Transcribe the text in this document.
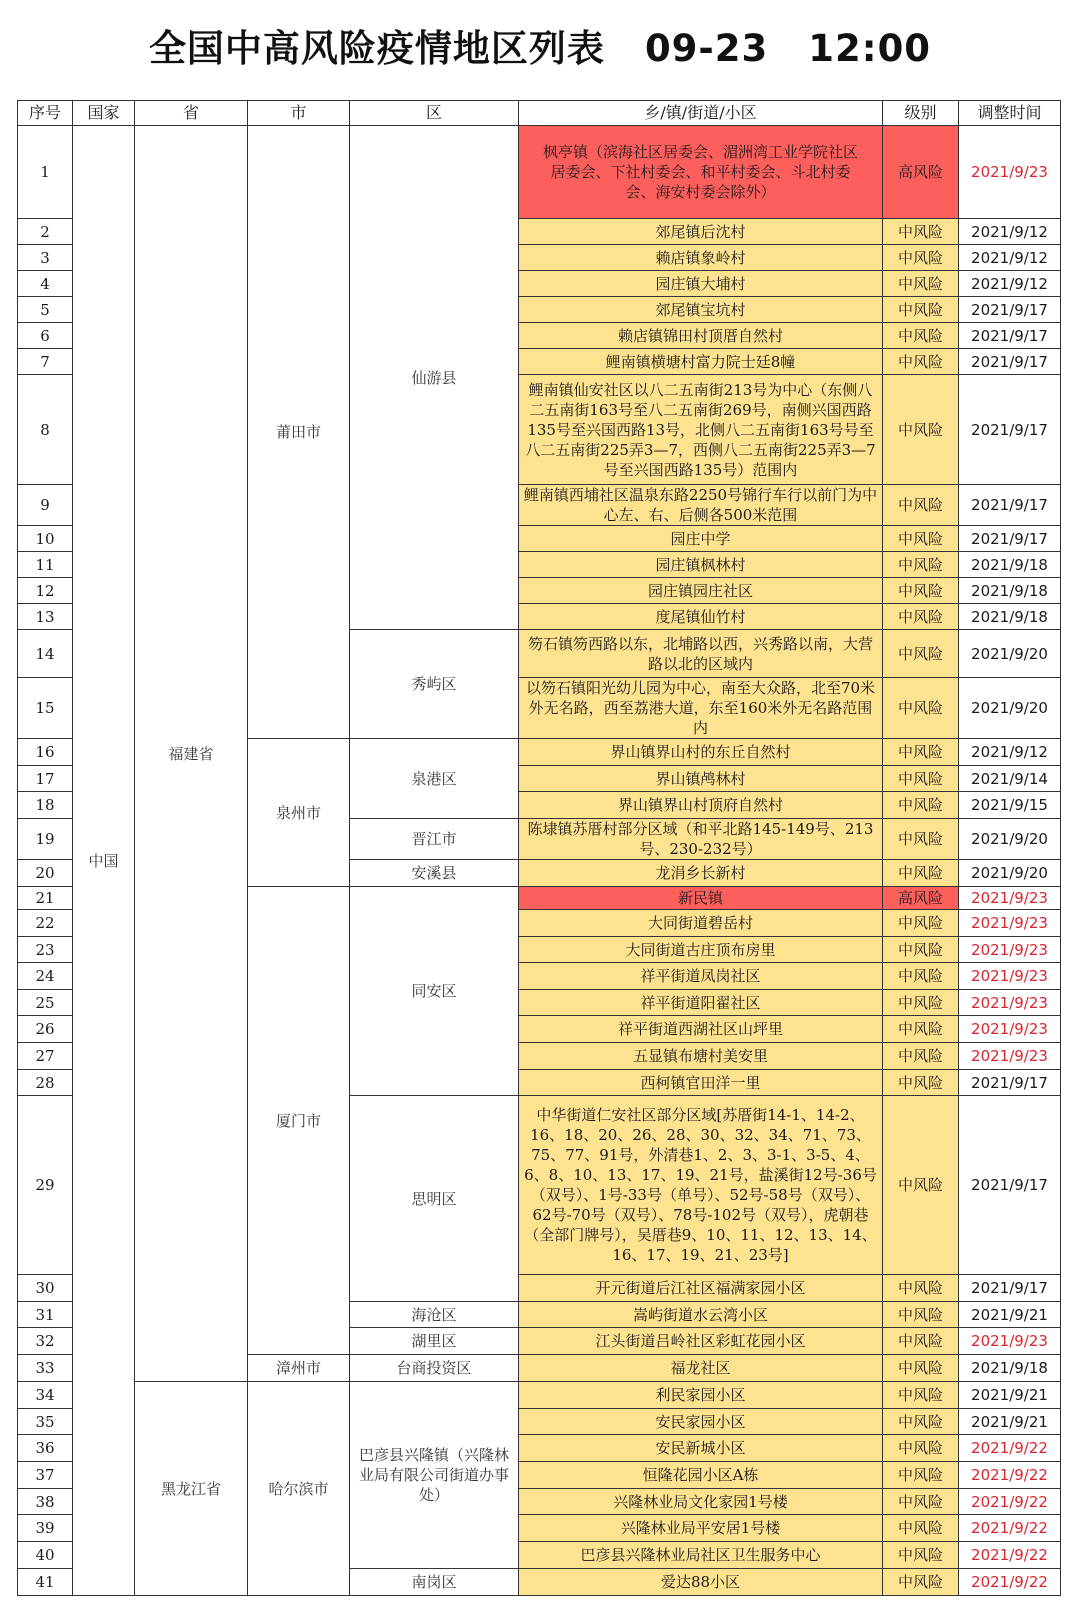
全国中高风险疫情地区列表 09-23 12:00
序号	国家	省	市	区	乡/镇/街道/小区	级别	调整时间
1	中国	福建省	莆田市	仙游县	枫亭镇（滨海社区居委会、湄洲湾工业学院社区居委会、下社村委会、和平村委会、斗北村委会、海安村委会除外）	高风险	2021/9/23
2					郊尾镇后沈村	中风险	2021/9/12
3					赖店镇象岭村	中风险	2021/9/12
4					园庄镇大埔村	中风险	2021/9/12
5					郊尾镇宝坑村	中风险	2021/9/17
6					赖店镇锦田村顶厝自然村	中风险	2021/9/17
7					鲤南镇横塘村富力院士廷8幢	中风险	2021/9/17
8					鲤南镇仙安社区以八二五南街213号为中心（东侧八二五南街163号至八二五南街269号，南侧兴国西路135号至兴国西路13号，北侧八二五南街163号号至八二五南街225弄3—7，西侧八二五南街225弄3—7号至兴国西路135号）范围内	中风险	2021/9/17
9					鲤南镇西埔社区温泉东路2250号锦行车行以前门为中心左、右、后侧各500米范围	中风险	2021/9/17
10					园庄中学	中风险	2021/9/17
11					园庄镇枫林村	中风险	2021/9/18
12					园庄镇园庄社区	中风险	2021/9/18
13					度尾镇仙竹村	中风险	2021/9/18
14				秀屿区	笏石镇笏西路以东，北埔路以西，兴秀路以南，大营路以北的区域内	中风险	2021/9/20
15					以笏石镇阳光幼儿园为中心，南至大众路，北至70米外无名路，西至荔港大道，东至160米外无名路范围内	中风险	2021/9/20
16			泉州市	泉港区	界山镇界山村的东丘自然村	中风险	2021/9/12
17					界山镇鸬林村	中风险	2021/9/14
18					界山镇界山村顶府自然村	中风险	2021/9/15
19				晋江市	陈埭镇苏厝村部分区域（和平北路145-149号、213号、230-232号）	中风险	2021/9/20
20				安溪县	龙涓乡长新村	中风险	2021/9/20
21			厦门市	同安区	新民镇	高风险	2021/9/23
22					大同街道碧岳村	中风险	2021/9/23
23					大同街道古庄顶布房里	中风险	2021/9/23
24					祥平街道凤岗社区	中风险	2021/9/23
25					祥平街道阳翟社区	中风险	2021/9/23
26					祥平街道西湖社区山坪里	中风险	2021/9/23
27					五显镇布塘村美安里	中风险	2021/9/23
28					西柯镇官田洋一里	中风险	2021/9/17
29				思明区	中华街道仁安社区部分区域[苏厝街14-1、14-2、16、18、20、26、28、30、32、34、71、73、75、77、91号，外清巷1、2、3、3-1、3-5、4、6、8、10、13、17、19、21号，盐溪街12号-36号（双号）、1号-33号（单号）、52号-58号（双号）、62号-70号（双号）、78号-102号（双号），虎朝巷（全部门牌号），吴厝巷9、10、11、12、13、14、16、17、19、21、23号]	中风险	2021/9/17
30					开元街道后江社区福满家园小区	中风险	2021/9/17
31				海沧区	嵩屿街道水云湾小区	中风险	2021/9/21
32				湖里区	江头街道吕岭社区彩虹花园小区	中风险	2021/9/23
33			漳州市	台商投资区	福龙社区	中风险	2021/9/18
34		黑龙江省	哈尔滨市	巴彦县兴隆镇（兴隆林业局有限公司街道办事处）	利民家园小区	中风险	2021/9/21
35					安民家园小区	中风险	2021/9/21
36					安民新城小区	中风险	2021/9/22
37					恒隆花园小区A栋	中风险	2021/9/22
38					兴隆林业局文化家园1号楼	中风险	2021/9/22
39					兴隆林业局平安居1号楼	中风险	2021/9/22
40					巴彦县兴隆林业局社区卫生服务中心	中风险	2021/9/22
41				南岗区	爱达88小区	中风险	2021/9/22
